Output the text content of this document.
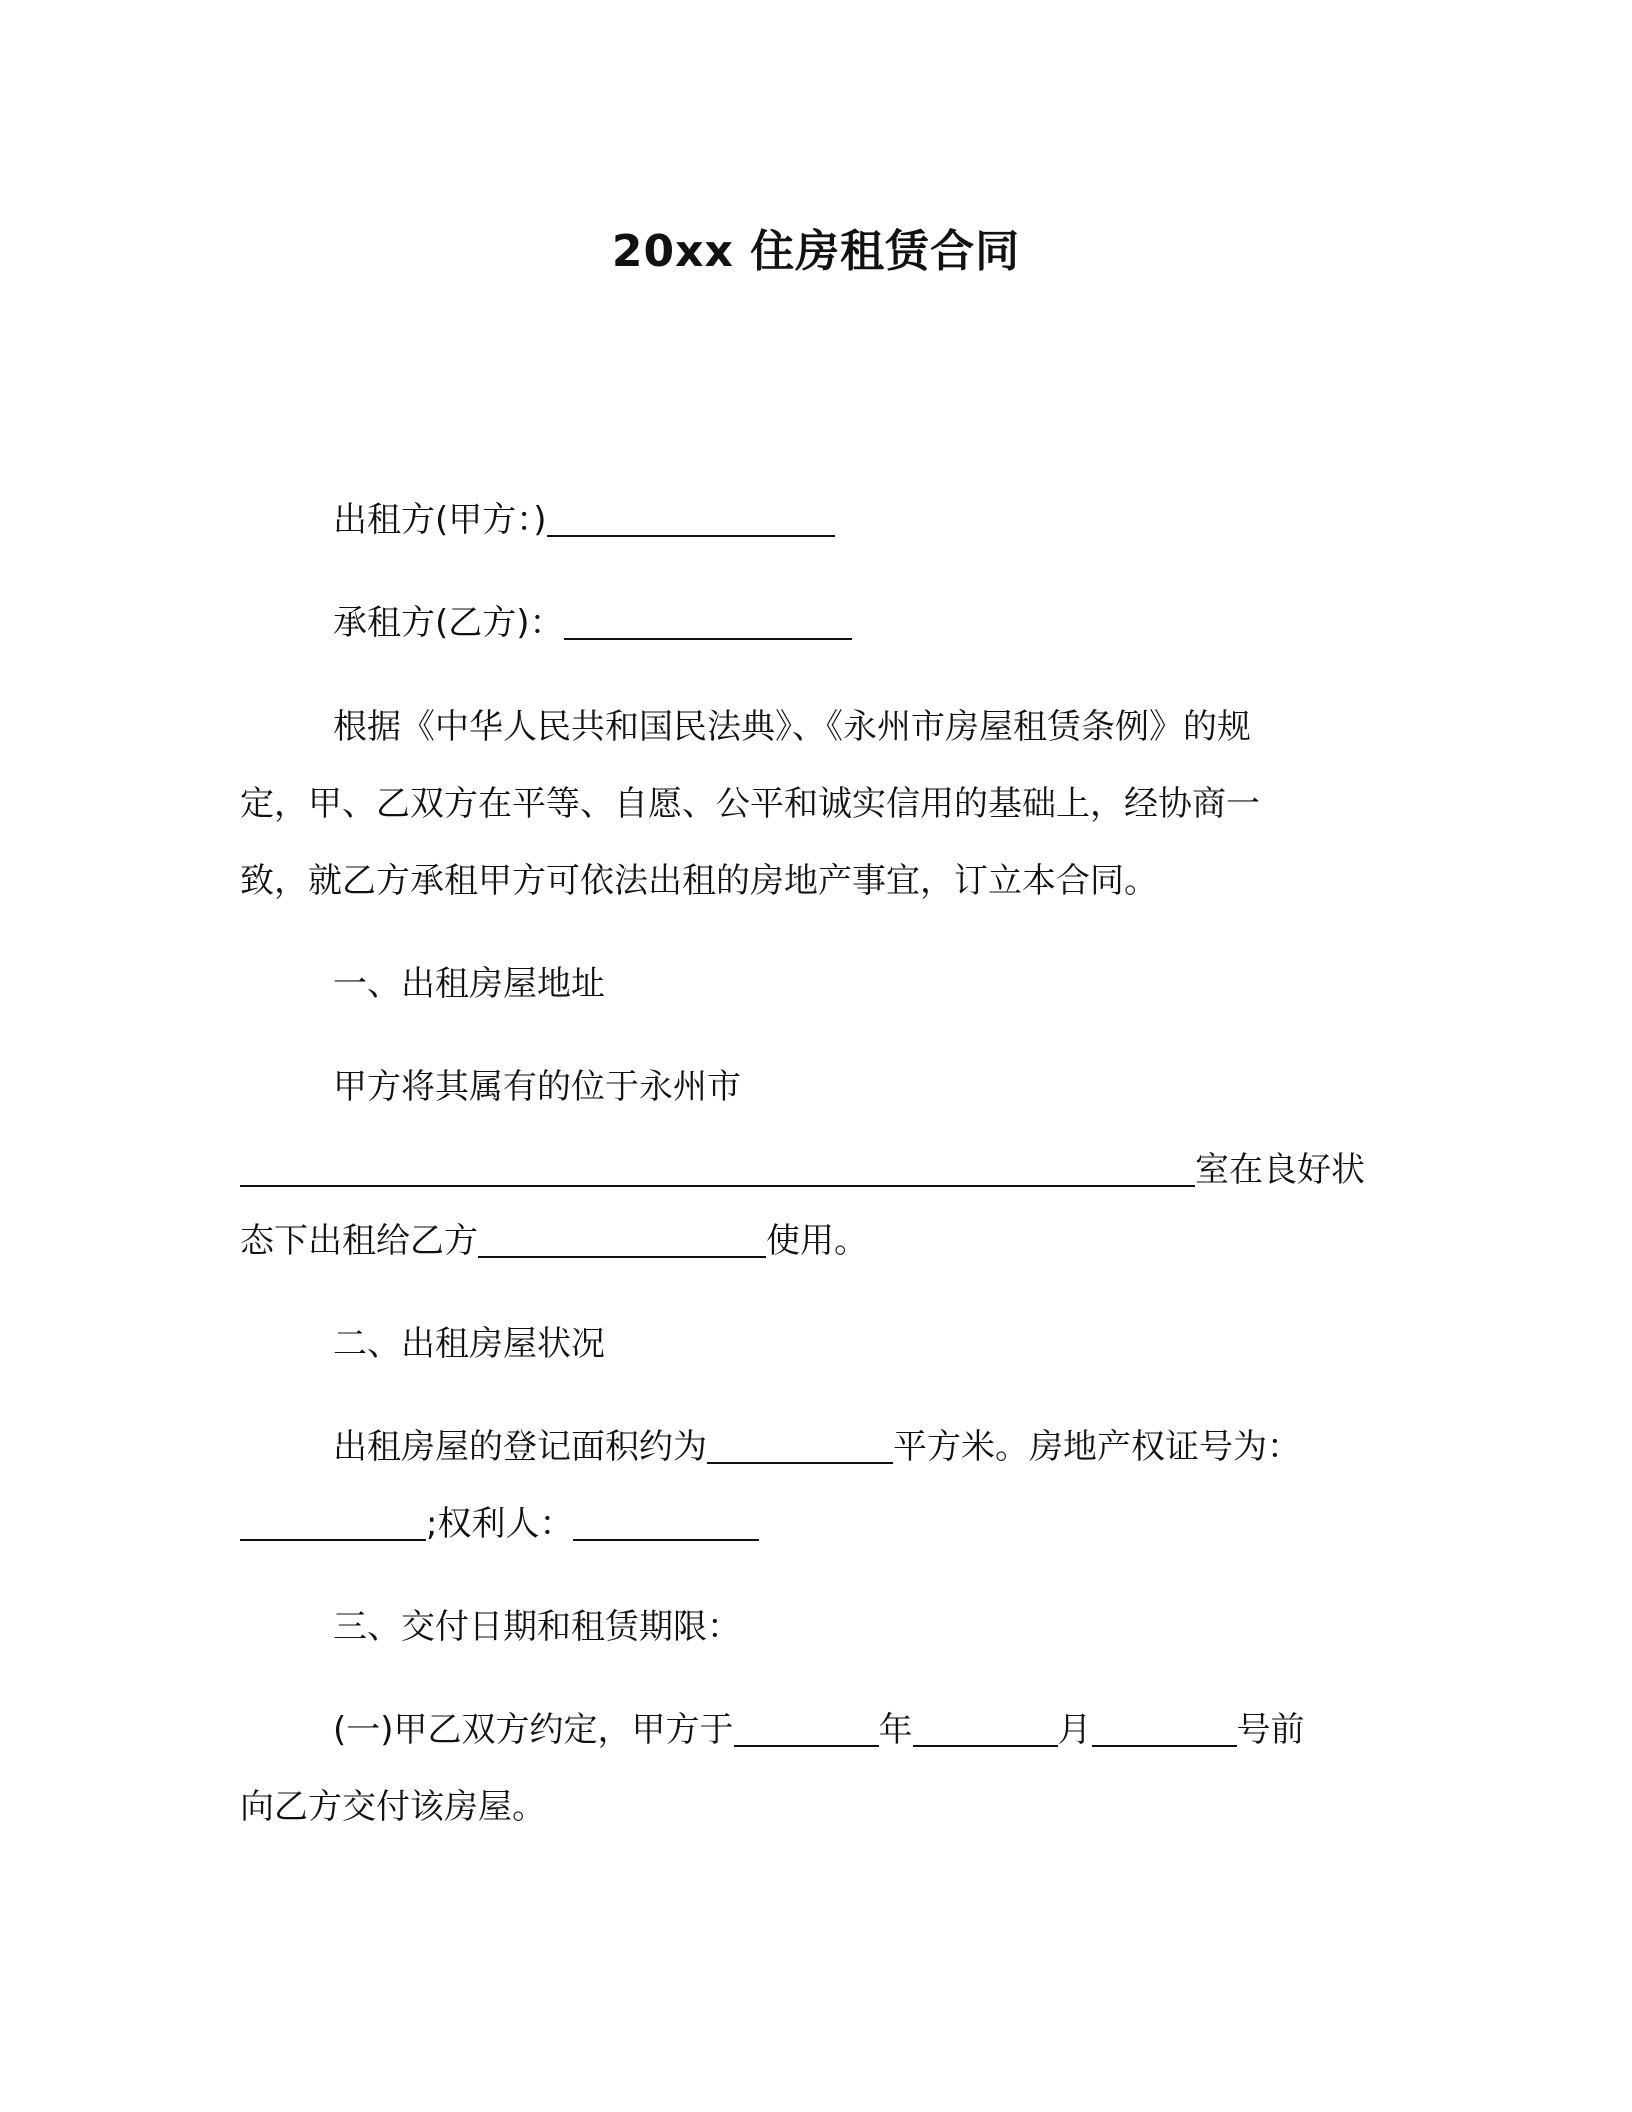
20xx 住房租赁合同
出租方(甲方：)
承租方(乙方)：
根据《中华人民共和国民法典》、《永州市房屋租赁条例》的规
定，甲、乙双方在平等、自愿、公平和诚实信用的基础上，经协商一
致，就乙方承租甲方可依法出租的房地产事宜，订立本合同。
一、出租房屋地址
甲方将其属有的位于永州市
室在良好状
态下出租给乙方	使用。
二、出租房屋状况
出租房屋的登记面积约为	平方米。房地产权证号为：
;权利人：
三、交付日期和租赁期限：
(一)甲乙双方约定，甲方于	年	月	号前
向乙方交付该房屋。
